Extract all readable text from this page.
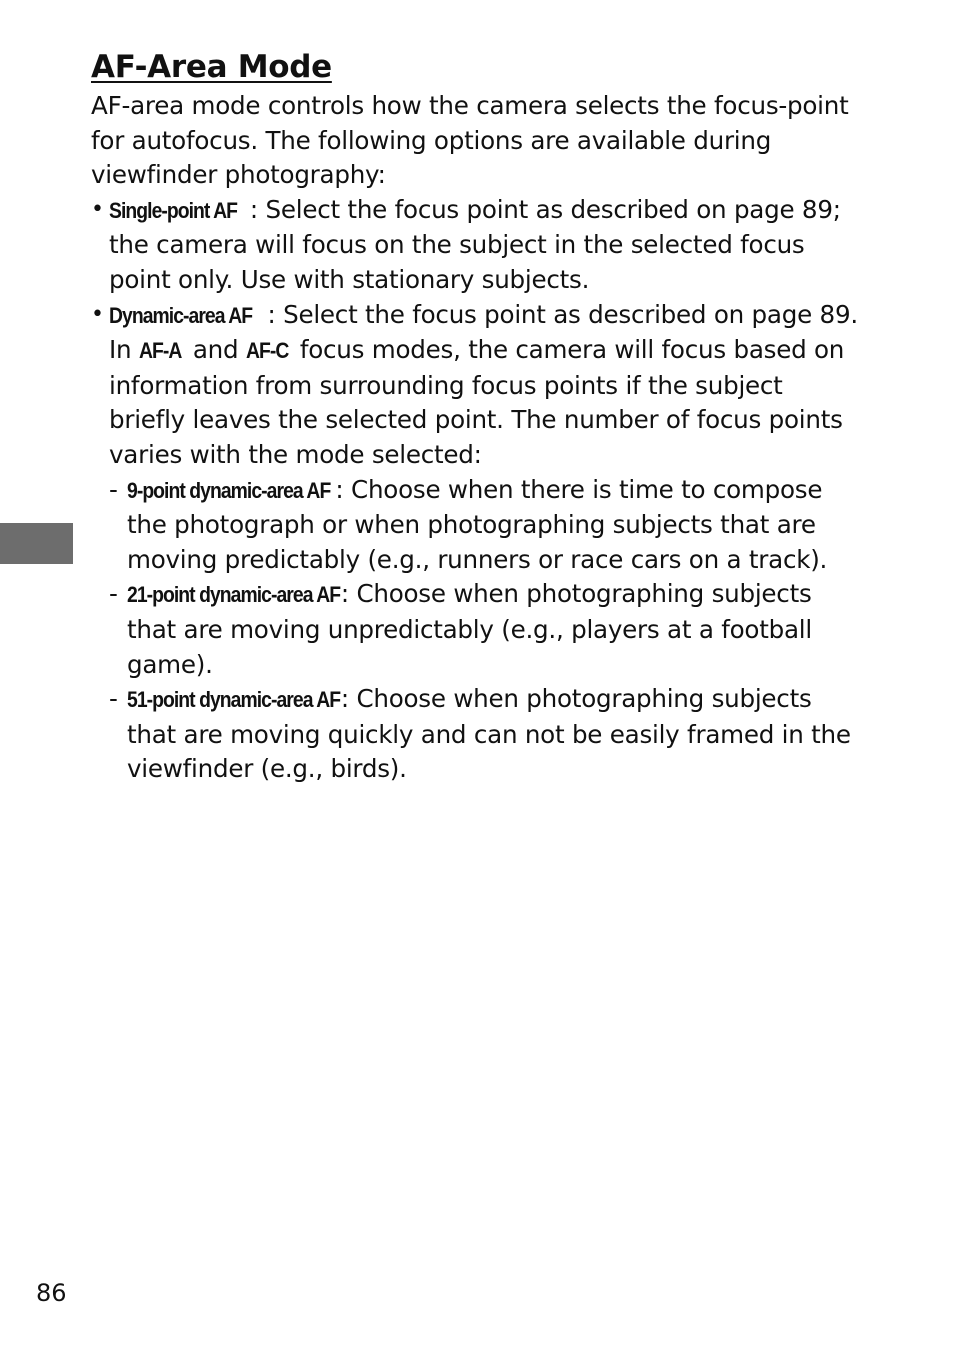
AF-Area Mode

AF-area mode controls how the camera selects the focus-point for autofocus. The following options are available during viewfinder photography:

• Single-point AF : Select the focus point as described on page 89; the camera will focus on the subject in the selected focus point only. Use with stationary subjects.
• Dynamic-area AF : Select the focus point as described on page 89. In AF-A and AF-C focus modes, the camera will focus based on information from surrounding focus points if the subject briefly leaves the selected point. The number of focus points varies with the mode selected:
- 9-point dynamic-area AF : Choose when there is time to compose the photograph or when photographing subjects that are moving predictably (e.g., runners or race cars on a track).
- 21-point dynamic-area AF: Choose when photographing subjects that are moving unpredictably (e.g., players at a football game).
- 51-point dynamic-area AF: Choose when photographing subjects that are moving quickly and can not be easily framed in the viewfinder (e.g., birds).
86
